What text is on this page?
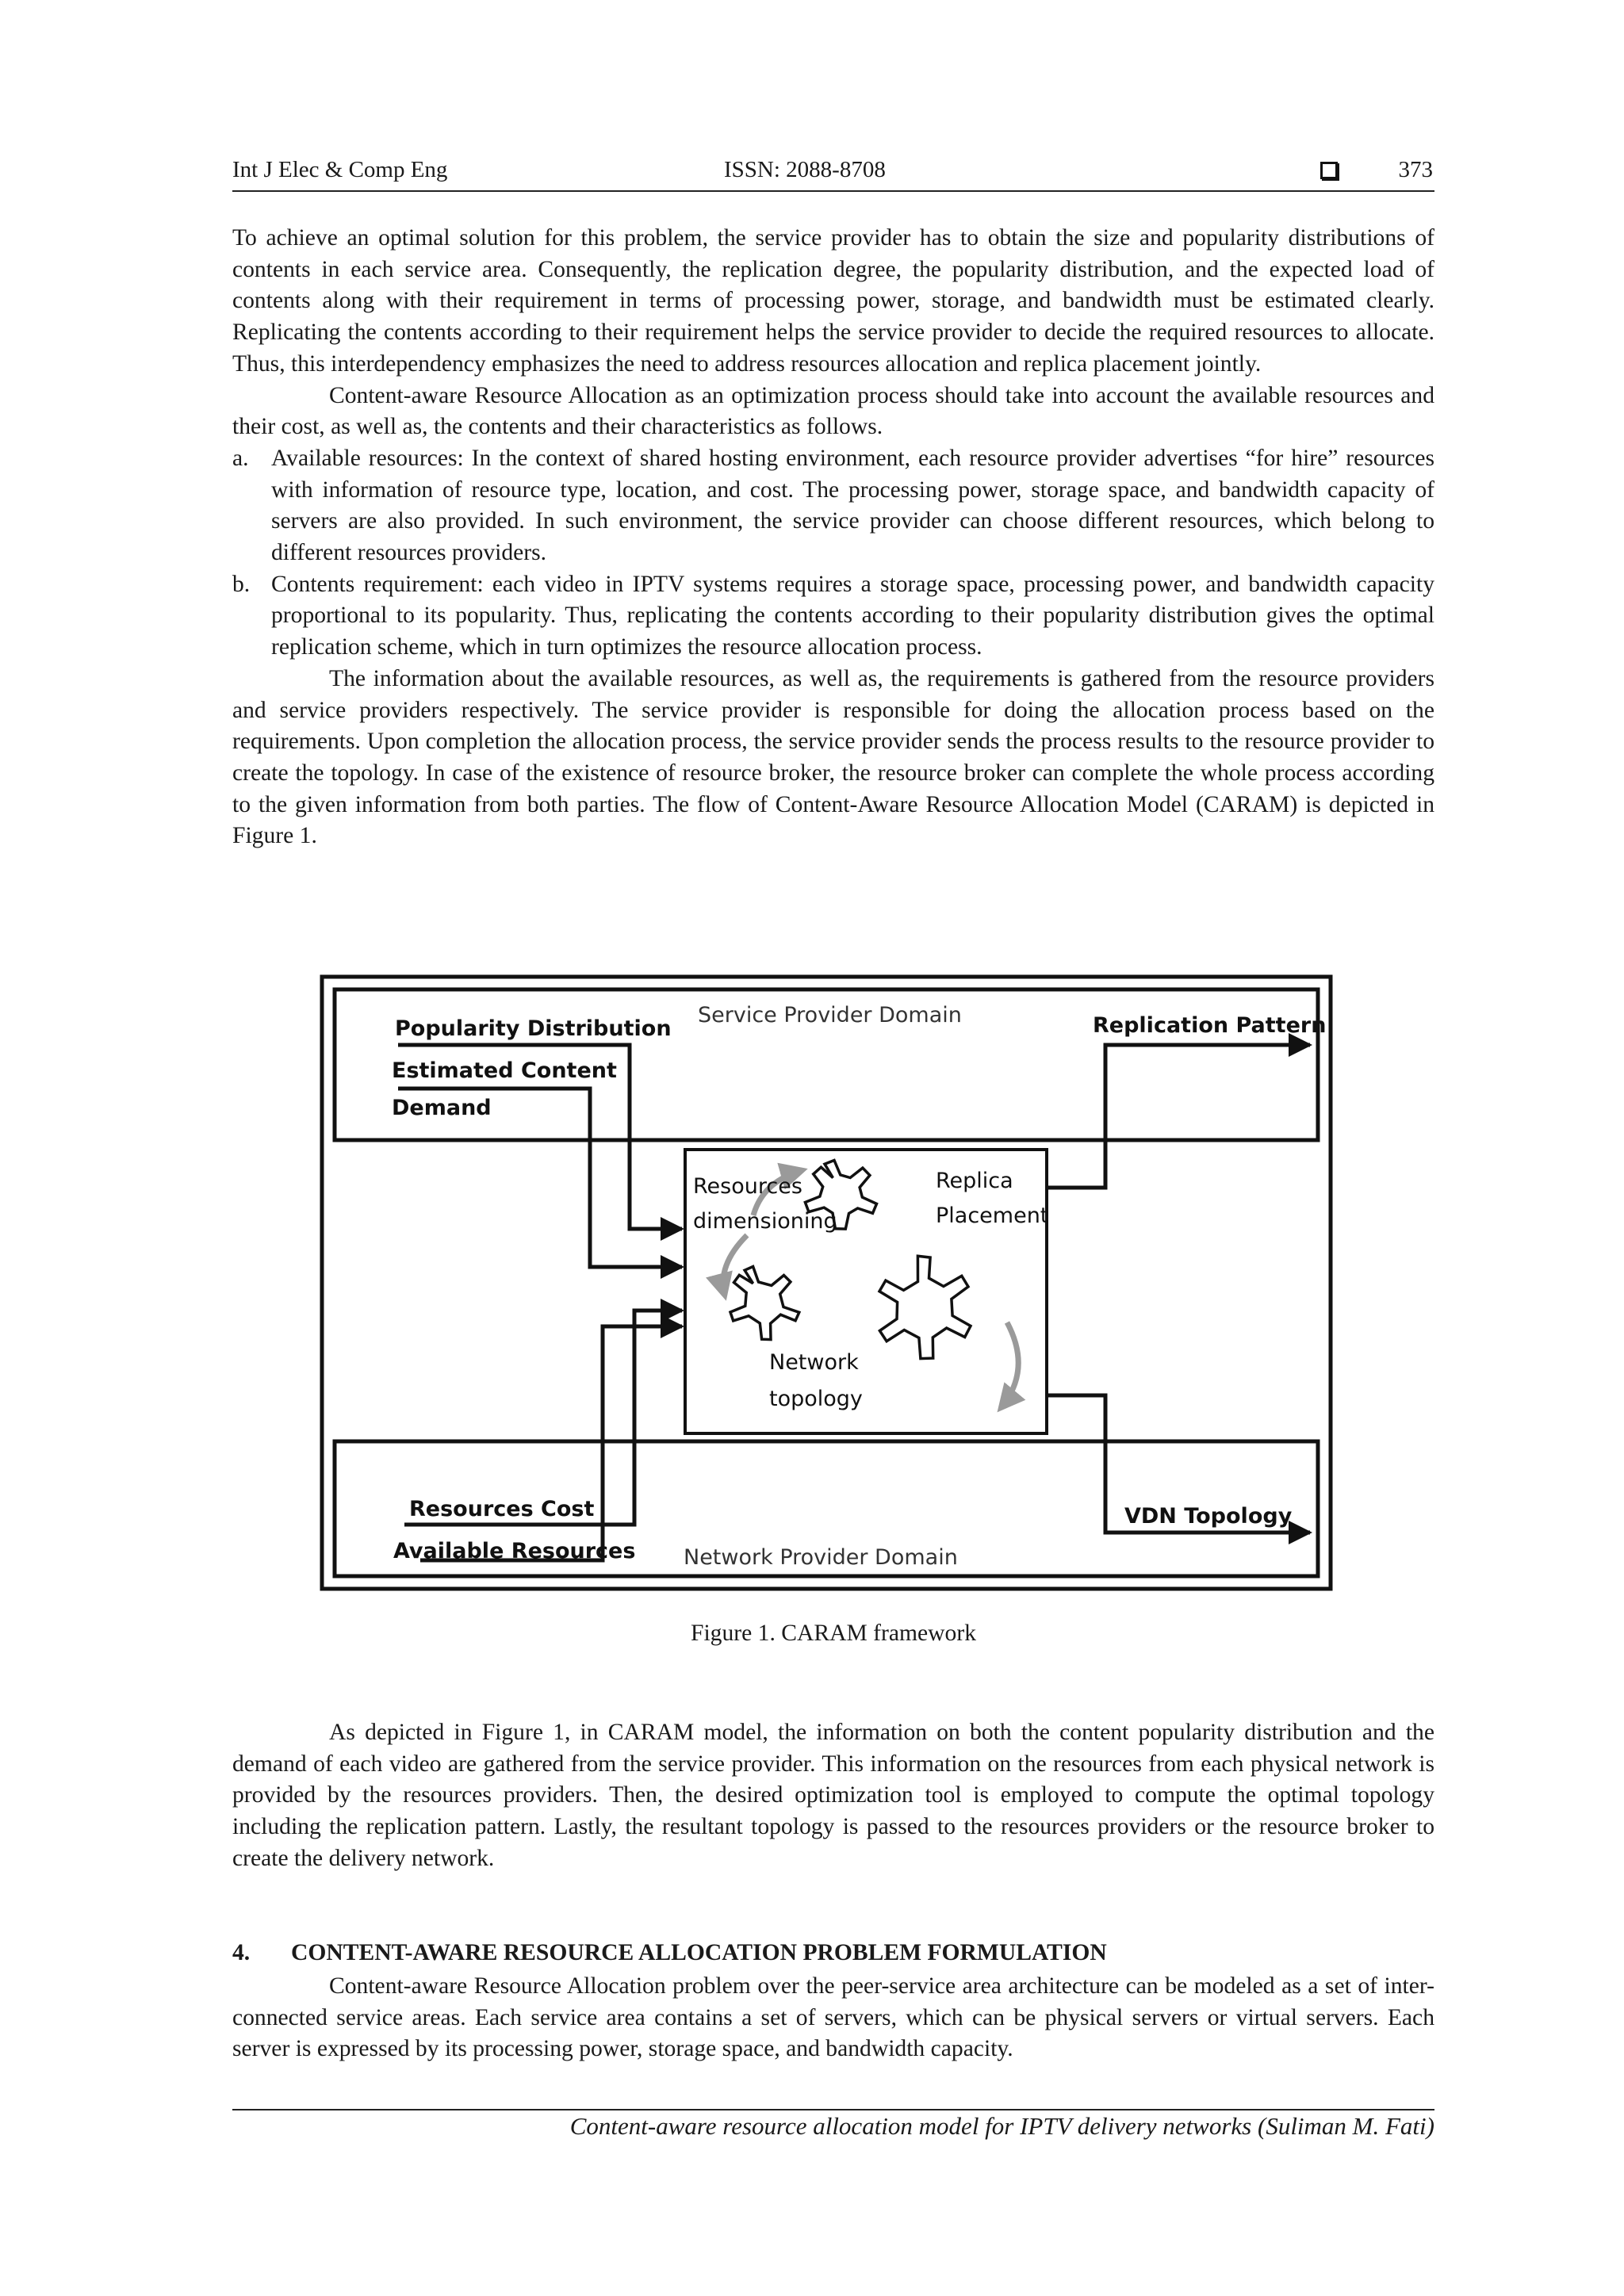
Int J Elec & Comp Eng	ISSN: 2088-8708	373

To achieve an optimal solution for this problem, the service provider has to obtain the size and popularity distributions of contents in each service area. Consequently, the replication degree, the popularity distribution, and the expected load of contents along with their requirement in terms of processing power, storage, and bandwidth must be estimated clearly. Replicating the contents according to their requirement helps the service provider to decide the required resources to allocate. Thus, this interdependency emphasizes the need to address resources allocation and replica placement jointly.

Content-aware Resource Allocation as an optimization process should take into account the available resources and their cost, as well as, the contents and their characteristics as follows.

a. Available resources: In the context of shared hosting environment, each resource provider advertises “for hire” resources with information of resource type, location, and cost. The processing power, storage space, and bandwidth capacity of servers are also provided. In such environment, the service provider can choose different resources, which belong to different resources providers.
b. Contents requirement: each video in IPTV systems requires a storage space, processing power, and bandwidth capacity proportional to its popularity. Thus, replicating the contents according to their popularity distribution gives the optimal replication scheme, which in turn optimizes the resource allocation process.

The information about the available resources, as well as, the requirements is gathered from the resource providers and service providers respectively. The service provider is responsible for doing the allocation process based on the requirements. Upon completion the allocation process, the service provider sends the process results to the resource provider to create the topology. In case of the existence of resource broker, the resource broker can complete the whole process according to the given information from both parties. The flow of Content-Aware Resource Allocation Model (CARAM) is depicted in Figure 1.

Service Provider Domain
Popularity Distribution
Estimated Content
Demand
Replication Pattern
Resources
dimensioning
Replica
Placement
Network
topology
Resources Cost
Available Resources Network Provider Domain
VDN Topology
Figure 1. CARAM framework

As depicted in Figure 1, in CARAM model, the information on both the content popularity distribution and the demand of each video are gathered from the service provider. This information on the resources from each physical network is provided by the resources providers. Then, the desired optimization tool is employed to compute the optimal topology including the replication pattern. Lastly, the resultant topology is passed to the resources providers or the resource broker to create the delivery network.

4. CONTENT-AWARE RESOURCE ALLOCATION PROBLEM FORMULATION

Content-aware Resource Allocation problem over the peer-service area architecture can be modeled as a set of inter-connected service areas. Each service area contains a set of servers, which can be physical servers or virtual servers. Each server is expressed by its processing power, storage space, and bandwidth capacity.

Content-aware resource allocation model for IPTV delivery networks (Suliman M. Fati)
